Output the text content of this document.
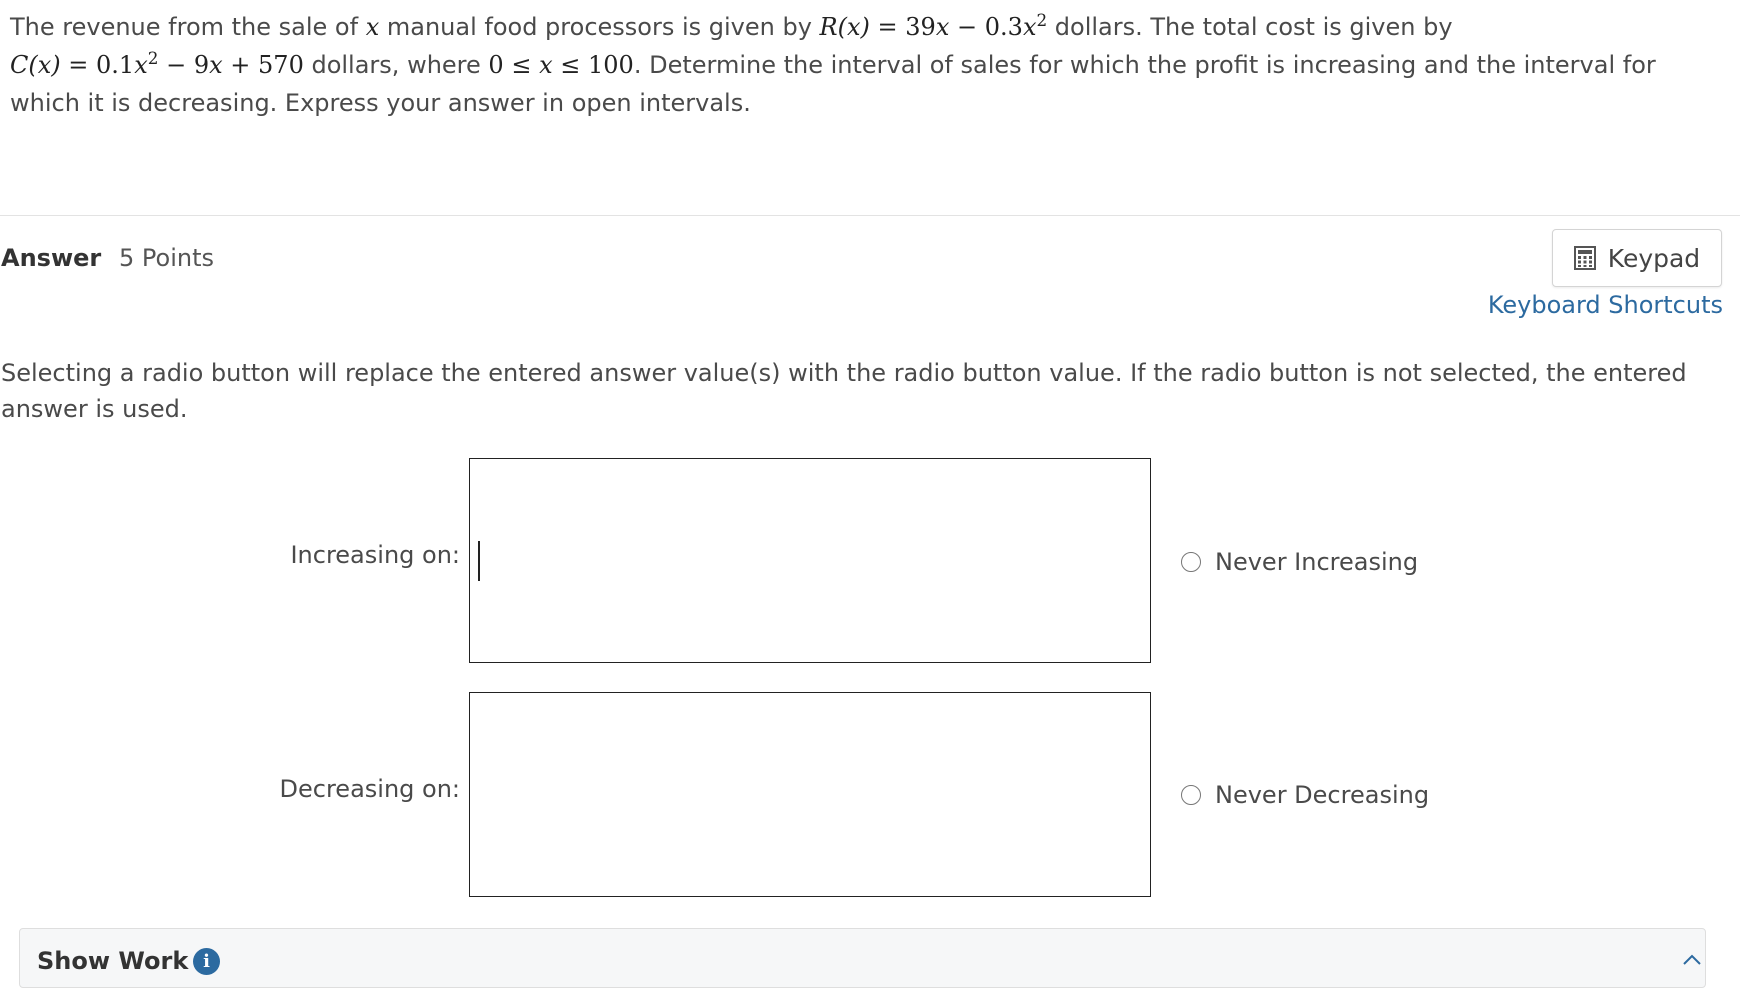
The revenue from the sale of x manual food processors is given by $R(x) = 39x - 0.3x^2$ dollars. The total cost is given by
$C(x) = 0.1x^2 - 9x + 570$ dollars, where 0 ≤ x ≤ 100. Determine the interval of sales for which the profit is increasing and the interval for which it is decreasing. Express your answer in open intervals.
Answer 5 Points	Keypad
Keyboard Shortcuts
Selecting a radio button will replace the entered answer value(s) with the radio button value. If the radio button is not selected, the entered answer is used.
Increasing on:	Never Increasing
Decreasing on:	Never Decreasing
Show Work i
